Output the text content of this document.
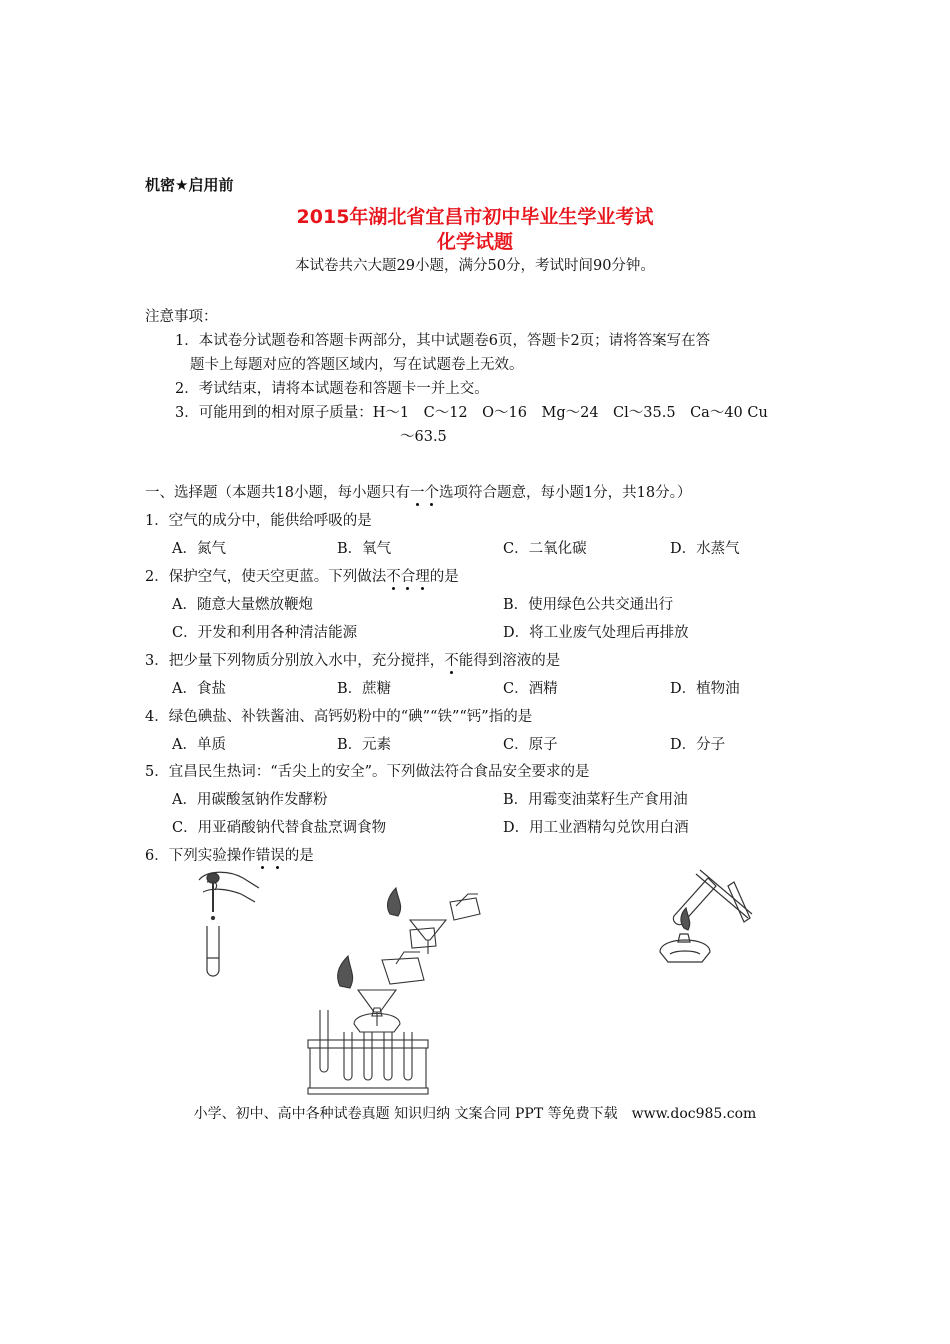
机密★启用前
2015年湖北省宜昌市初中毕业生学业考试
化学试题
本试卷共六大题29小题，满分50分，考试时间90分钟。
注意事项：
1．本试卷分试题卷和答题卡两部分，其中试题卷6页，答题卡2页；请将答案写在答
题卡上每题对应的答题区域内，写在试题卷上无效。
2．考试结束，请将本试题卷和答题卡一并上交。
3．可能用到的相对原子质量：H～1　C～12　O～16　Mg～24　Cl～35.5　Ca～40 Cu
～63.5
一、选择题（本题共18小题，每小题只有一个选项符合题意，每小题1分，共18分。）
1．空气的成分中，能供给呼吸的是
A．氮气	B．氧气	C．二氧化碳	D．水蒸气
2．保护空气，使天空更蓝。下列做法不合理的是
A．随意大量燃放鞭炮	B．使用绿色公共交通出行
C．开发和利用各种清洁能源	D．将工业废气处理后再排放
3．把少量下列物质分别放入水中，充分搅拌，不能得到溶液的是
A．食盐	B．蔗糖	C．酒精	D．植物油
4．绿色碘盐、补铁酱油、高钙奶粉中的“碘”“铁”“钙”指的是
A．单质	B．元素	C．原子	D．分子
5．宜昌民生热词：“舌尖上的安全”。下列做法符合食品安全要求的是
A．用碳酸氢钠作发酵粉	B．用霉变油菜籽生产食用油
C．用亚硝酸钠代替食盐烹调食物	D．用工业酒精勾兑饮用白酒
6．下列实验操作错误的是
小学、初中、高中各种试卷真题 知识归纳 文案合同 PPT 等免费下载　www.doc985.com
